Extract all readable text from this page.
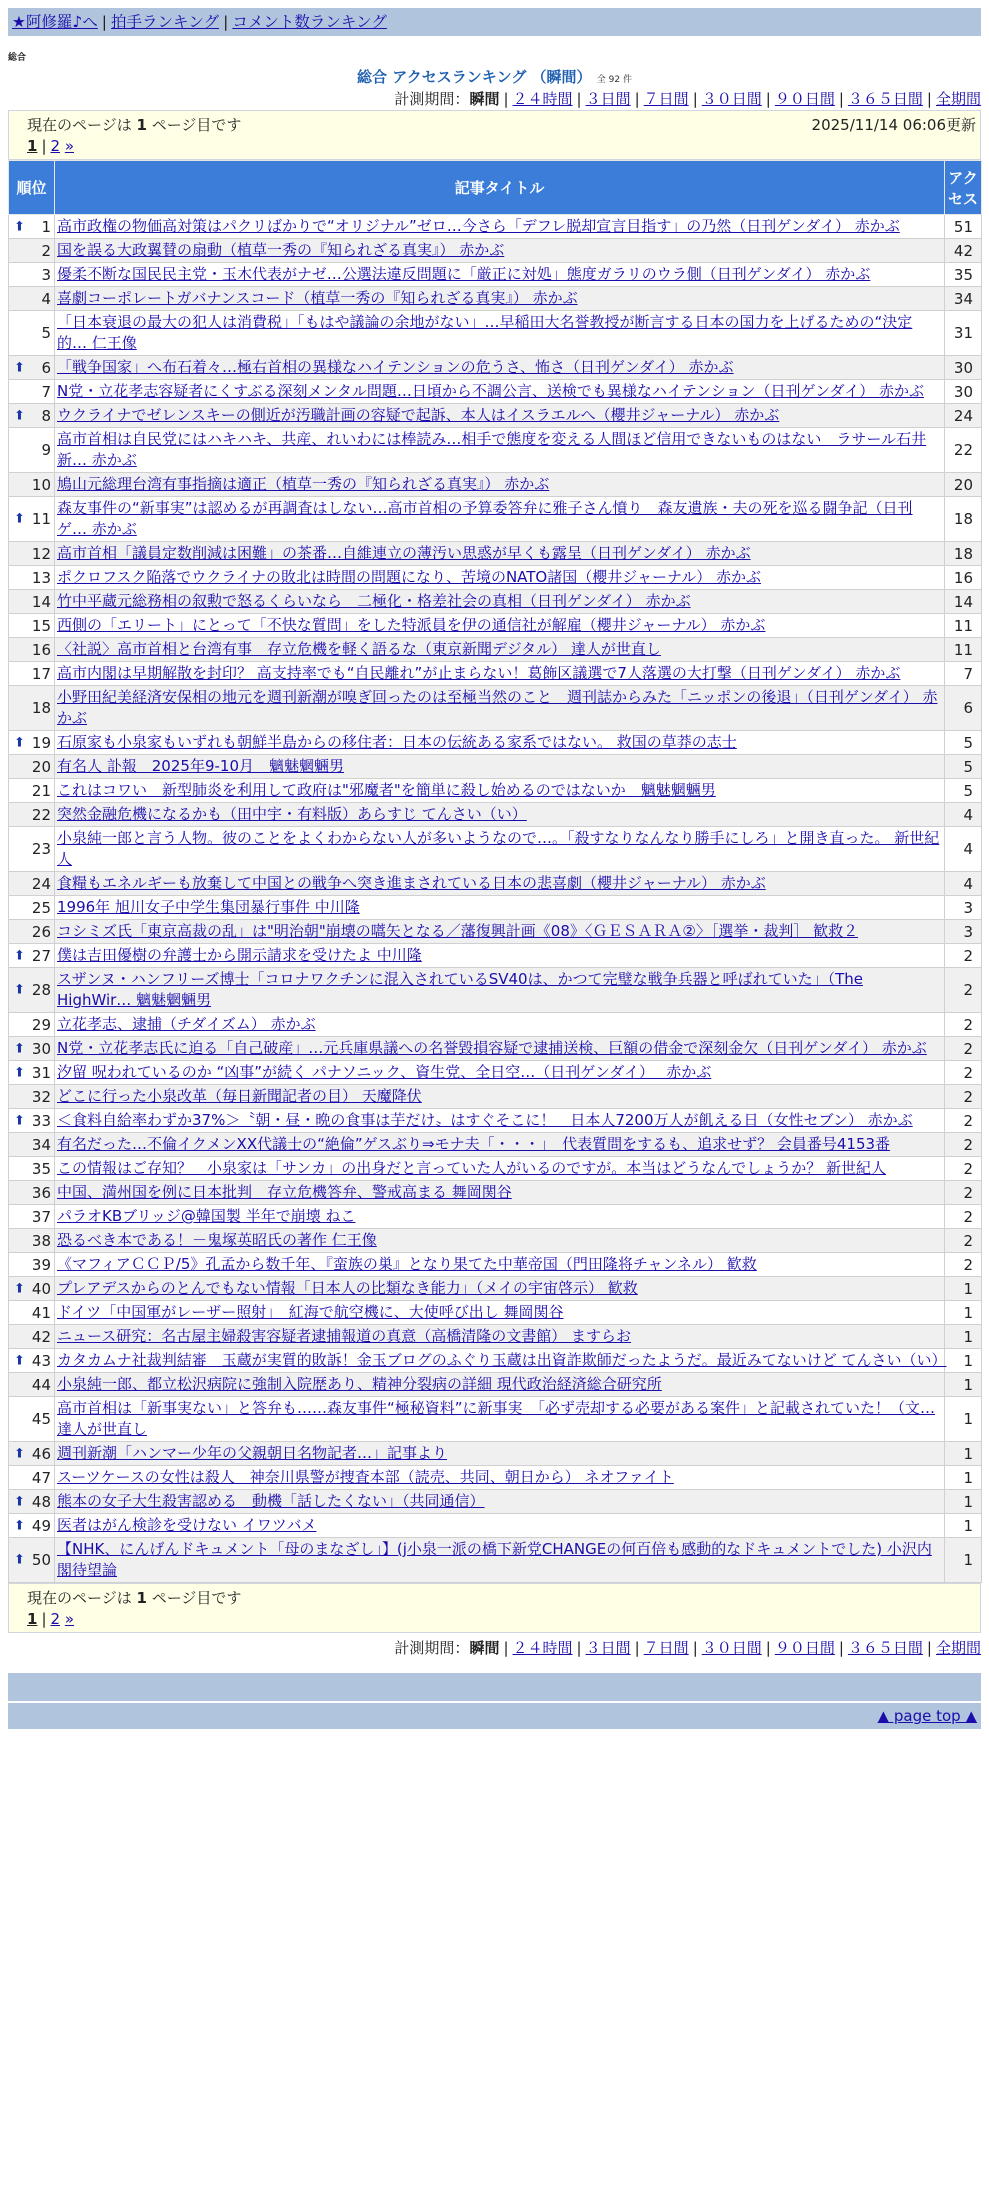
★阿修羅♪へ | 拍手ランキング | コメント数ランキング
総合
総合 アクセスランキング （瞬間） 全 92 件
計測期間：瞬間 | ２４時間 | ３日間 | ７日間 | ３０日間 | ９０日間 | ３６５日間 | 全期間
現在のページは 1 ページ目です	2025/11/14 06:06更新
1 | 2 »
順位	記事タイトル	アクセス

⬆ 1	高市政権の物価高対策はパクリばかりで“オリジナル”ゼロ…今さら「デフレ脱却宣言目指す」の乃然（日刊ゲンダイ） 赤かぶ	51
2	国を誤る大政翼賛の扇動（植草一秀の『知られざる真実』） 赤かぶ	42
3	優柔不断な国民民主党・玉木代表がナゼ…公選法違反問題に「厳正に対処」態度ガラリのウラ側（日刊ゲンダイ） 赤かぶ	35
4	喜劇コーポレートガバナンスコード（植草一秀の『知られざる真実』） 赤かぶ	34
5	「日本衰退の最大の犯人は消費税」「もはや議論の余地がない」…早稲田大名誉教授が断言する日本の国力を上げるための“決定的… 仁王像	31

⬆ 6	「戦争国家」へ布石着々…極右首相の異様なハイテンションの危うさ、怖さ（日刊ゲンダイ） 赤かぶ	30
7	N党・立花孝志容疑者にくすぶる深刻メンタル問題…日頃から不調公言、送検でも異様なハイテンション（日刊ゲンダイ） 赤かぶ	30

⬆ 8	ウクライナでゼレンスキーの側近が汚職計画の容疑で起訴、本人はイスラエルへ（櫻井ジャーナル） 赤かぶ	24
9	高市首相は自民党にはハキハキ、共産、れいわには棒読み…相手で態度を変える人間ほど信用できないものはない　ラサール石井 新… 赤かぶ	22
10	鳩山元総理台湾有事指摘は適正（植草一秀の『知られざる真実』） 赤かぶ	20

⬆ 11	森友事件の“新事実”は認めるが再調査はしない…高市首相の予算委答弁に雅子さん憤り　森友遺族・夫の死を巡る闘争記（日刊ゲ… 赤かぶ	18
12	高市首相「議員定数削減は困難」の茶番…自維連立の薄汚い思惑が早くも露呈（日刊ゲンダイ） 赤かぶ	18
13	ポクロフスク陥落でウクライナの敗北は時間の問題になり、苦境のNATO諸国（櫻井ジャーナル） 赤かぶ	16
14	竹中平蔵元総務相の叙勲で怒るくらいなら　二極化・格差社会の真相（日刊ゲンダイ） 赤かぶ	14
15	西側の「エリート」にとって「不快な質問」をした特派員を伊の通信社が解雇（櫻井ジャーナル） 赤かぶ	11
16	〈社説〉高市首相と台湾有事　存立危機を軽く語るな（東京新聞デジタル） 達人が世直し	11
17	高市内閣は早期解散を封印？ 高支持率でも“自民離れ”が止まらない！葛飾区議選で7人落選の大打撃（日刊ゲンダイ） 赤かぶ	7
18	小野田紀美経済安保相の地元を週刊新潮が嗅ぎ回ったのは至極当然のこと　週刊誌からみた「ニッポンの後退」（日刊ゲンダイ） 赤かぶ	6

⬆ 19	石原家も小泉家もいずれも朝鮮半島からの移住者：日本の伝統ある家系ではない。 救国の草莽の志士	5
20	有名人 訃報　2025年9-10月　魑魅魍魎男	5
21	これはコワい　新型肺炎を利用して政府は"邪魔者"を簡単に殺し始めるのではないか　魑魅魍魎男	5
22	突然金融危機になるかも（田中宇・有料版）あらすじ てんさい（い）	4
23	小泉純一郎と言う人物。彼のことをよくわからない人が多いようなので…。「殺すなりなんなり勝手にしろ」と開き直った。 新世紀人	4
24	食糧もエネルギーも放棄して中国との戦争へ突き進まされている日本の悲喜劇（櫻井ジャーナル） 赤かぶ	4
25	1996年 旭川女子中学生集団暴行事件 中川隆	3
26	コシミズ氏「東京高裁の乱」は"明治朝"崩壊の嚆矢となる／藩復興計画《08》〈ＧＥＳＡＲＡ②〉［選挙・裁判］ 歓救２	3

⬆ 27	僕は吉田優樹の弁護士から開示請求を受けたよ 中川隆	2

⬆ 28	スザンヌ・ハンフリーズ博士「コロナワクチンに混入されているSV40は、かつて完璧な戦争兵器と呼ばれていた」（The HighWir… 魑魅魍魎男	2
29	立花孝志、逮捕（チダイズム） 赤かぶ	2

⬆ 30	N党・立花孝志氏に迫る「自己破産」…元兵庫県議への名誉毀損容疑で逮捕送検、巨額の借金で深刻金欠（日刊ゲンダイ） 赤かぶ	2

⬆ 31	汐留 呪われているのか “凶事”が続く パナソニック、資生党、全日空…（日刊ゲンダイ）　 赤かぶ	2
32	どこに行った小泉改革（毎日新聞記者の目） 天魔降伏	2

⬆ 33	＜食料自給率わずか37%＞〝朝・昼・晩の食事は芋だけ〟はすぐそこに！　日本人7200万人が飢える日（女性セブン） 赤かぶ	2
34	有名だった…不倫イクメンXX代議士の“絶倫”ゲスぶり⇒モナ夫「・・・」　代表質問をするも、追求せず？ 会員番号4153番	2
35	この情報はご存知？　小泉家は「サンカ」の出身だと言っていた人がいるのですが。本当はどうなんでしょうか？ 新世紀人	2
36	中国、満州国を例に日本批判　存立危機答弁、警戒高まる 舞岡関谷	2
37	パラオKBブリッジ@韓国製 半年で崩壊 ねこ	2
38	恐るべき本である！－鬼塚英昭氏の著作 仁王像	2
39	《マフィアＣＣＰ/5》孔孟から数千年、『蛮族の巣』となり果てた中華帝国（門田隆将チャンネル） 歓救	2

⬆ 40	プレアデスからのとんでもない情報「日本人の比類なき能力」（メイの宇宙啓示） 歓救	1
41	ドイツ「中国軍がレーザー照射」　紅海で航空機に、大使呼び出し 舞岡関谷	1
42	ニュース研究：名古屋主婦殺害容疑者逮捕報道の真意（高橋清隆の文書館） ますらお	1

⬆ 43	カタカムナ社裁判結審　玉蔵が実質的敗訴！金玉ブログのふぐり玉蔵は出資詐欺師だったようだ。最近みてないけど てんさい（い）	1
44	小泉純一郎、都立松沢病院に強制入院歴あり、精神分裂病の詳細 現代政治経済総合研究所	1
45	高市首相は「新事実ない」と答弁も……森友事件“極秘資料”に新事実　「必ず売却する必要がある案件」と記載されていた！（文… 達人が世直し	1

⬆ 46	週刊新潮「ハンマー少年の父親朝日名物記者…」記事より	1
47	スーツケースの女性は殺人　神奈川県警が捜査本部（読売、共同、朝日から） ネオファイト	1

⬆ 48	熊本の女子大生殺害認める　動機「話したくない」（共同通信）	1

⬆ 49	医者はがん検診を受けない イワツバメ	1

⬆ 50	【NHK、にんげんドキュメント「母のまなざし」】(j小泉一派の橋下新党CHANGEの何百倍も感動的なドキュメントでした) 小沢内閣待望論	1
現在のページは 1 ページ目です
1 | 2 »
計測期間：瞬間 | ２４時間 | ３日間 | ７日間 | ３０日間 | ９０日間 | ３６５日間 | 全期間
▲ page top ▲
